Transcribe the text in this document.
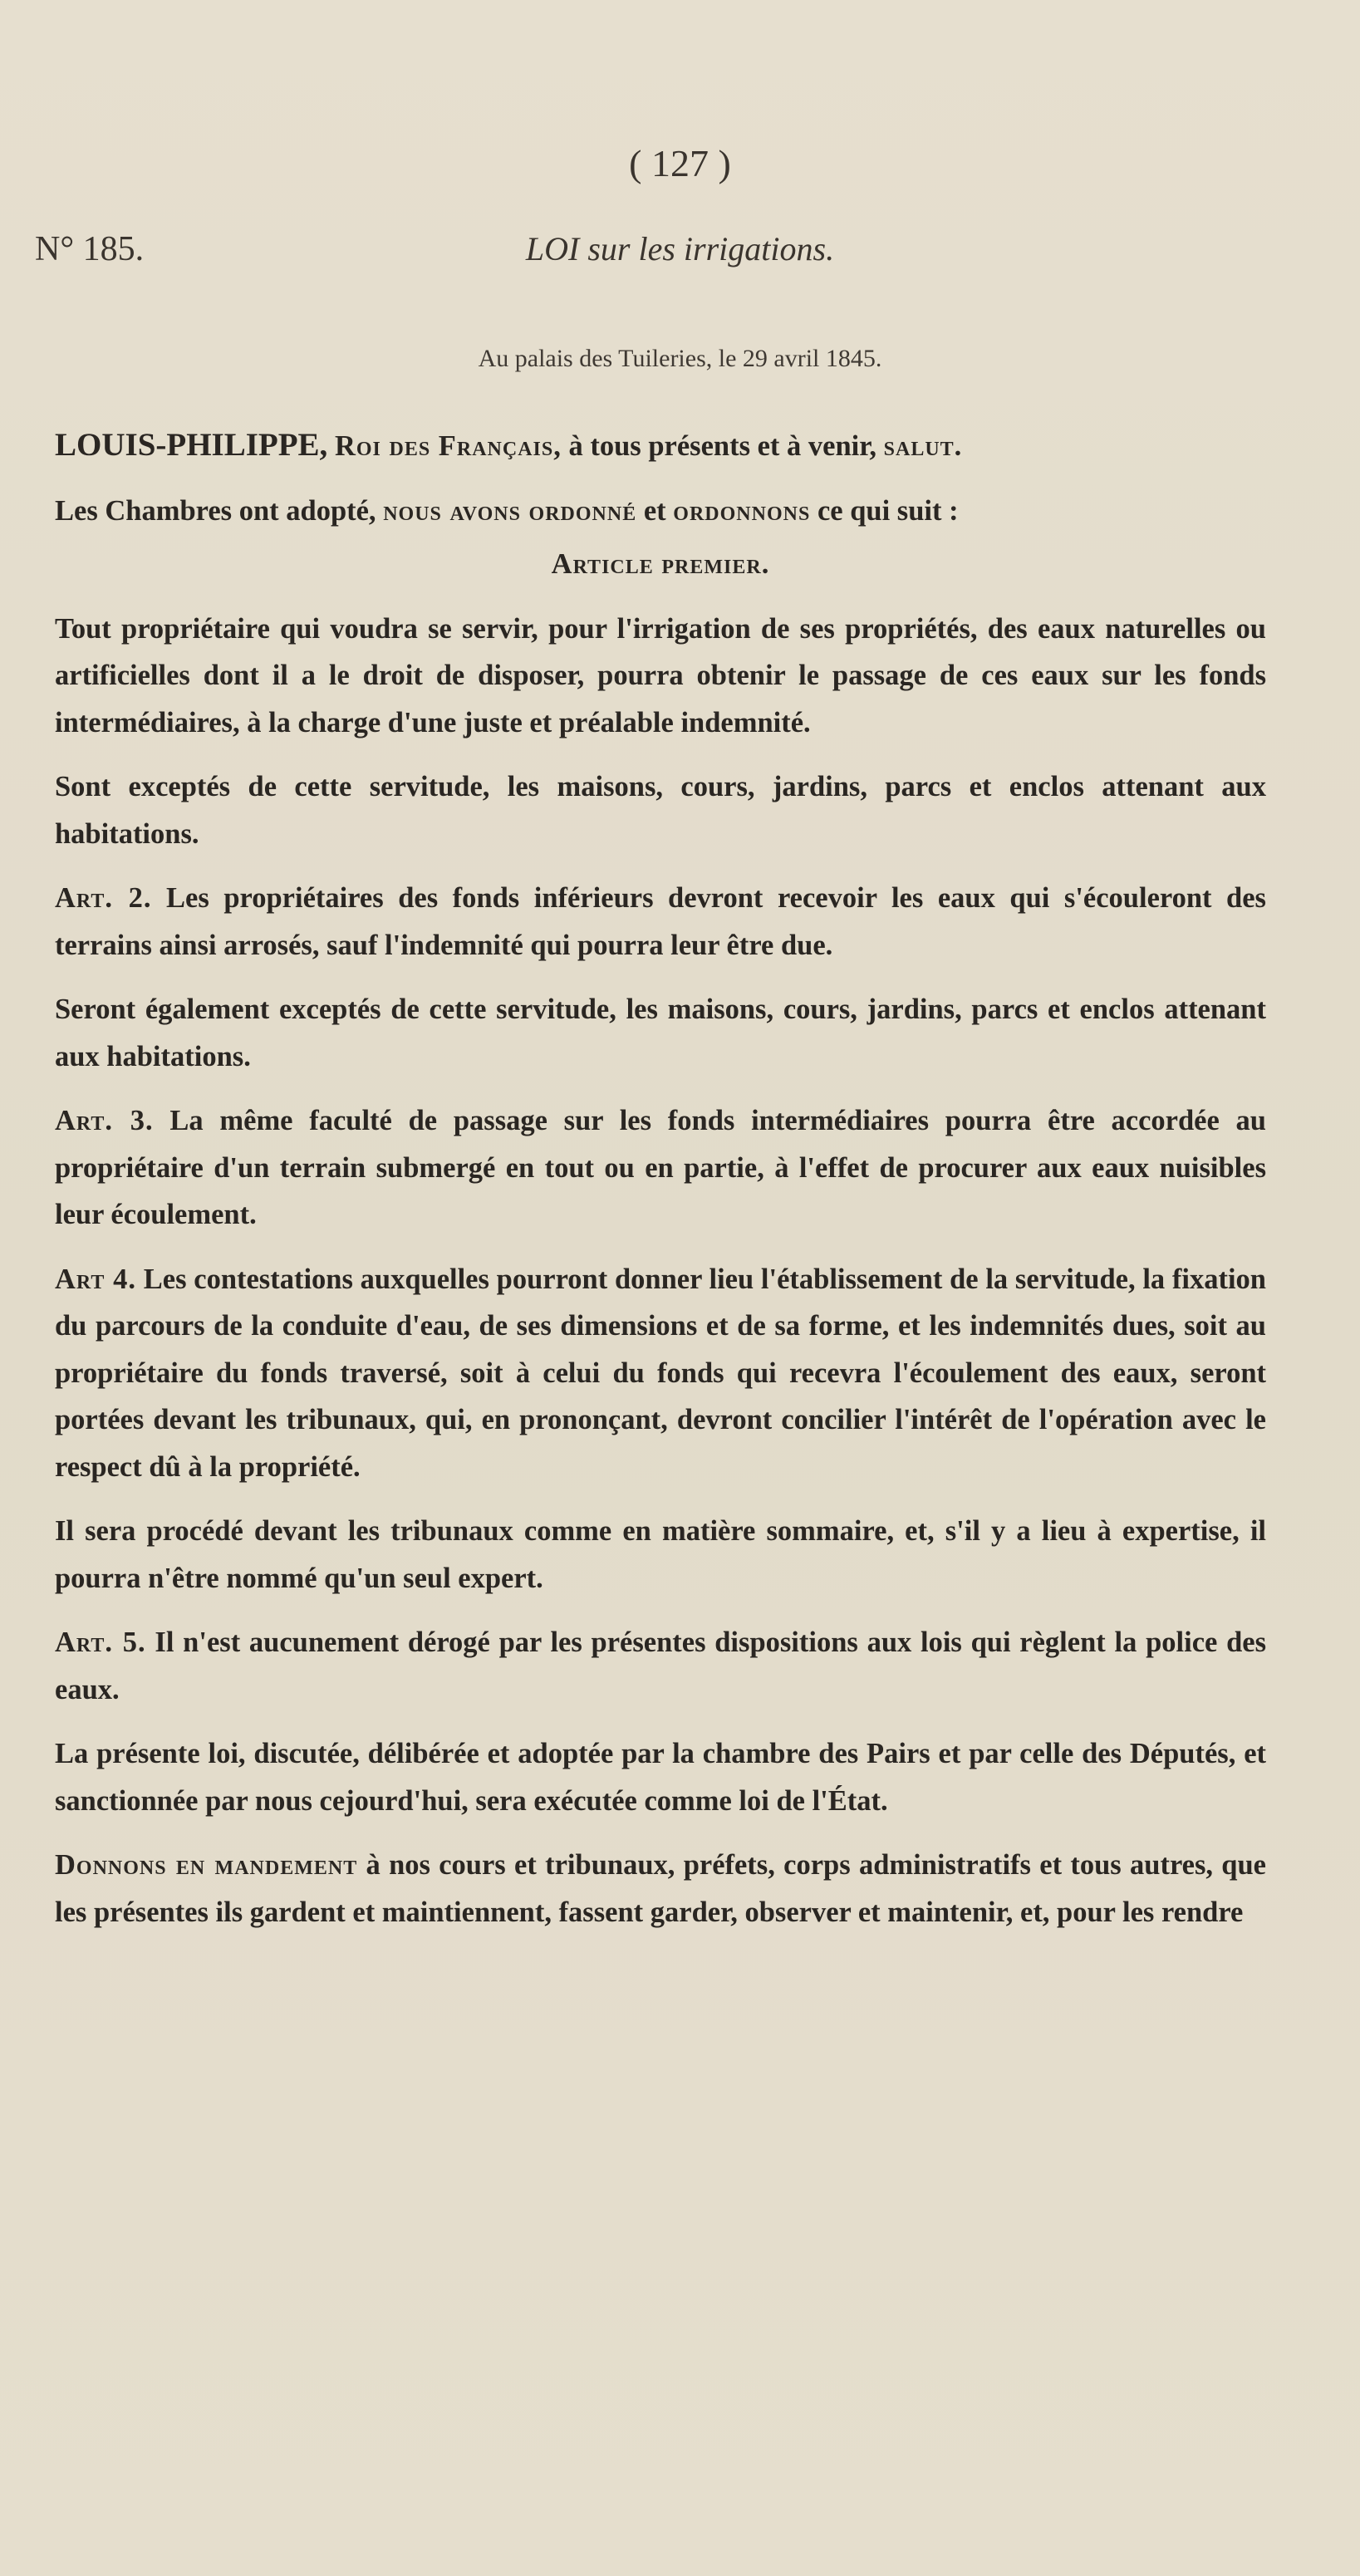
( 127 )
N° 185.	LOI sur les irrigations.
Au palais des Tuileries, le 29 avril 1845.

LOUIS-PHILIPPE, Roi des Français, à tous présents et à venir, salut.

Les Chambres ont adopté, nous avons ordonné et ordonnons ce qui suit :

Article premier.

Tout propriétaire qui voudra se servir, pour l'irrigation de ses propriétés, des eaux naturelles ou artificielles dont il a le droit de disposer, pourra obtenir le passage de ces eaux sur les fonds intermédiaires, à la charge d'une juste et préalable indemnité.

Sont exceptés de cette servitude, les maisons, cours, jardins, parcs et enclos attenant aux habitations.

Art. 2. Les propriétaires des fonds inférieurs devront recevoir les eaux qui s'écouleront des terrains ainsi arrosés, sauf l'indemnité qui pourra leur être due.

Seront également exceptés de cette servitude, les maisons, cours, jardins, parcs et enclos attenant aux habitations.

Art. 3. La même faculté de passage sur les fonds intermédiaires pourra être accordée au propriétaire d'un terrain submergé en tout ou en partie, à l'effet de procurer aux eaux nuisibles leur écoulement.

Art 4. Les contestations auxquelles pourront donner lieu l'établissement de la servitude, la fixation du parcours de la conduite d'eau, de ses dimensions et de sa forme, et les indemnités dues, soit au propriétaire du fonds traversé, soit à celui du fonds qui recevra l'écoulement des eaux, seront portées devant les tribunaux, qui, en prononçant, devront concilier l'intérêt de l'opération avec le respect dû à la propriété.

Il sera procédé devant les tribunaux comme en matière sommaire, et, s'il y a lieu à expertise, il pourra n'être nommé qu'un seul expert.

Art. 5. Il n'est aucunement dérogé par les présentes dispositions aux lois qui règlent la police des eaux.

La présente loi, discutée, délibérée et adoptée par la chambre des Pairs et par celle des Députés, et sanctionnée par nous cejourd'hui, sera exécutée comme loi de l'État.

Donnons en mandement à nos cours et tribunaux, préfets, corps administratifs et tous autres, que les présentes ils gardent et maintiennent, fassent garder, observer et maintenir, et, pour les rendre
